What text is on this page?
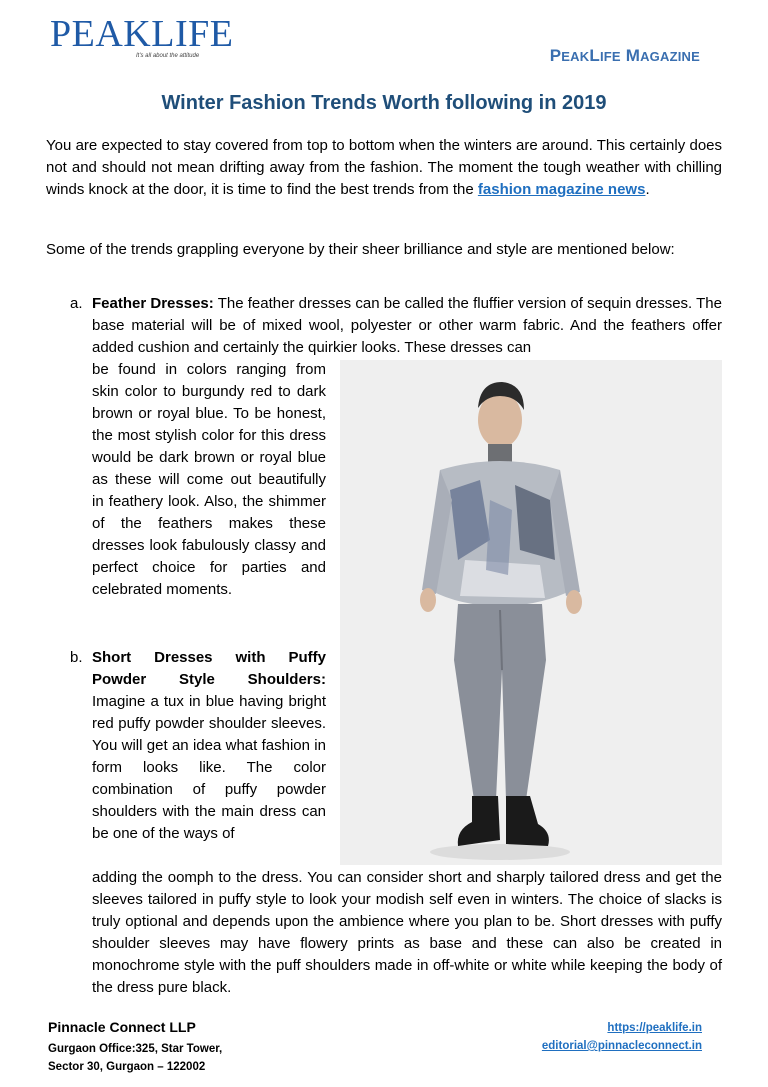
PEAKLIFE
It's all about the attitude	PEAKLIFE MAGAZINE
Winter Fashion Trends Worth following in 2019
You are expected to stay covered from top to bottom when the winters are around. This certainly does not and should not mean drifting away from the fashion. The moment the tough weather with chilling winds knock at the door, it is time to find the best trends from the fashion magazine news.
Some of the trends grappling everyone by their sheer brilliance and style are mentioned below:
a. Feather Dresses: The feather dresses can be called the fluffier version of sequin dresses. The base material will be of mixed wool, polyester or other warm fabric. And the feathers offer added cushion and certainly the quirkier looks. These dresses can
be found in colors ranging from skin color to burgundy red to dark brown or royal blue. To be honest, the most stylish color for this dress would be dark brown or royal blue as these will come out beautifully in feathery look. Also, the shimmer of the feathers makes these dresses look fabulously classy and perfect choice for parties and celebrated moments.
b. Short Dresses with Puffy Powder Style Shoulders:
Imagine a tux in blue having bright red puffy powder shoulder sleeves. You will get an idea what fashion in form looks like. The color combination of puffy powder shoulders with the main dress can be one of the ways of
adding the oomph to the dress. You can consider short and sharply tailored dress and get the sleeves tailored in puffy style to look your modish self even in winters. The choice of slacks is truly optional and depends upon the ambience where you plan to be. Short dresses with puffy shoulder sleeves may have flowery prints as base and these can also be created in monochrome style with the puff shoulders made in off-white or white while keeping the body of the dress pure black.
Pinnacle Connect LLP
Gurgaon Office:325, Star Tower,
Sector 30, Gurgaon – 122002
https://peaklife.in
editorial@pinnacleconnect.in
